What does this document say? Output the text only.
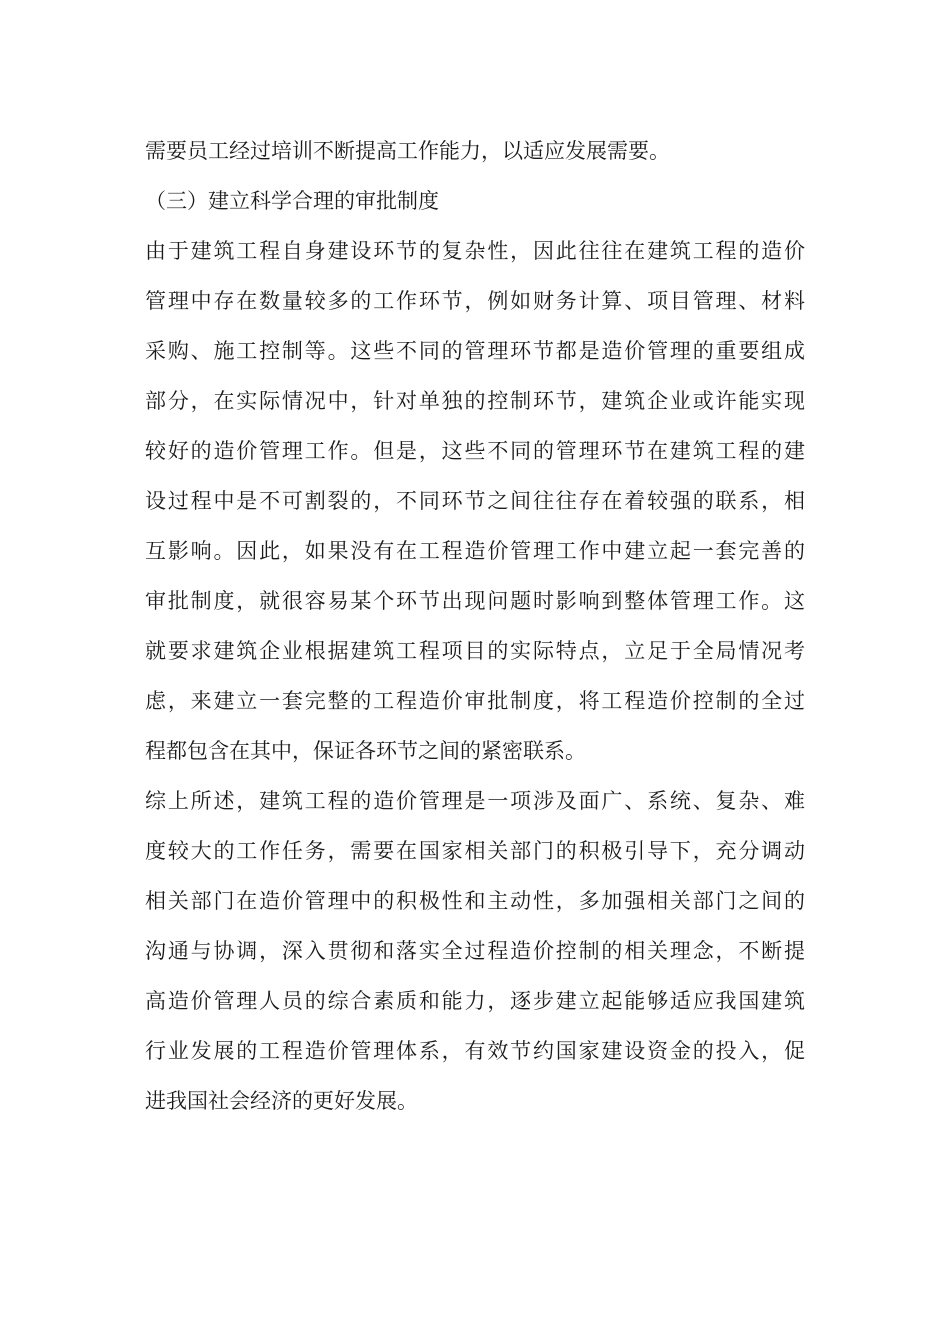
需要员工经过培训不断提高工作能力，以适应发展需要。
（三）建立科学合理的审批制度
由于建筑工程自身建设环节的复杂性，因此往往在建筑工程的造价
管理中存在数量较多的工作环节，例如财务计算、项目管理、材料
采购、施工控制等。这些不同的管理环节都是造价管理的重要组成
部分，在实际情况中，针对单独的控制环节，建筑企业或许能实现
较好的造价管理工作。但是，这些不同的管理环节在建筑工程的建
设过程中是不可割裂的，不同环节之间往往存在着较强的联系，相
互影响。因此，如果没有在工程造价管理工作中建立起一套完善的
审批制度，就很容易某个环节出现问题时影响到整体管理工作。这
就要求建筑企业根据建筑工程项目的实际特点，立足于全局情况考
虑，来建立一套完整的工程造价审批制度，将工程造价控制的全过
程都包含在其中，保证各环节之间的紧密联系。
综上所述，建筑工程的造价管理是一项涉及面广、系统、复杂、难
度较大的工作任务，需要在国家相关部门的积极引导下，充分调动
相关部门在造价管理中的积极性和主动性，多加强相关部门之间的
沟通与协调，深入贯彻和落实全过程造价控制的相关理念，不断提
高造价管理人员的综合素质和能力，逐步建立起能够适应我国建筑
行业发展的工程造价管理体系，有效节约国家建设资金的投入，促
进我国社会经济的更好发展。
